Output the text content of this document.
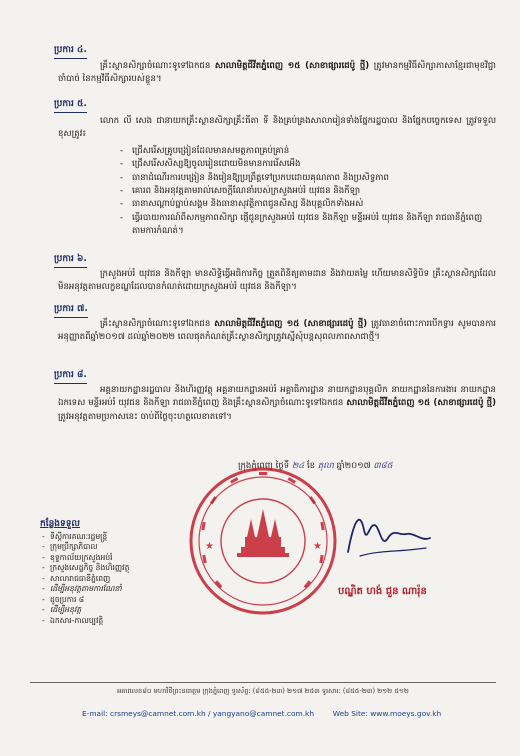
ប្រការ ៤.
គ្រឹះស្ថានសិក្សាចំណោះទូទៅឯកជន សាលាមិត្តជីវីតភ្នំពេញ ១៥ (សាខាផ្សារដេប៉ូ ថ្មី) ត្រូវមានកម្មវិធីសិក្សាភាសាខ្មែរជាមុខវិជ្ជាចាំបាច់ នៃកម្មវិធីសិក្សារបស់ខ្លួន។
ប្រការ ៥.
លោក លី សេង ជានាយកគ្រឹះស្ថានសិក្សាគ្រឹះធីតា ទី និងគ្រប់គ្រងសាលារៀនទាំងផ្នែករដ្ឋបាល និងផ្នែកបច្ចេកទេស ត្រូវទទួលខុសត្រូវ៖
- ជ្រើសរើសគ្រូបង្រៀនដែលមានសមត្ថភាពគ្រប់គ្រាន់
- ជ្រើសរើសសិស្សឱ្យចូលរៀនដោយមិនមានការរើសអើង
- ធានាដំណើរការបង្រៀន និងរៀនឱ្យប្រព្រឹត្តទៅប្រកបដោយគុណភាព និងប្រសិទ្ធភាព
- គោរព និងអនុវត្តតាមរាល់សេចក្តីណែនាំរបស់ក្រសួងអប់រំ យុវជន និងកីឡា
- ធានាសណ្តាប់ធ្នាប់សង្គម និងធានាសុវត្ថិភាពជូនសិស្ស និងបុគ្គលិកទាំងអស់
- ធ្វើរបាយការណ៍ពីសកម្មភាពសិក្សា ផ្ញើជូនក្រសួងអប់រំ យុវជន និងកីឡា មន្ទីរអប់រំ យុវជន និងកីឡា រាជធានីភ្នំពេញ តាមការកំណត់។
ប្រការ ៦.
ក្រសួងអប់រំ យុវជន និងកីឡា មានសិទ្ធិធ្វើអធិការកិច្ច ត្រួតពិនិត្យតាមដាន និងវាយតម្លៃ ហើយមានសិទ្ធិបិទ គ្រឹះស្ថានសិក្សាដែលមិនអនុវត្តតាមលក្ខខណ្ឌដែលបានកំណត់ដោយក្រសួងអប់រំ យុវជន និងកីឡា។
ប្រការ ៧.
គ្រឹះស្ថានសិក្សាចំណោះទូទៅឯកជន សាលាមិត្តជីវីតភ្នំពេញ ១៥ (សាខាផ្សារដេប៉ូ ថ្មី) ត្រូវធានាចំពោះការបើកទ្វារ សូមបានការអនុញ្ញាតពីឆ្នាំ២០១៧ ដល់ឆ្នាំ២០២២ ពេលផុតកំណត់គ្រឹះស្ថានសិក្សាត្រូវស្នើសុំបន្តសុពលភាពសាជាថ្មី។
ប្រការ ៨.
អគ្គនាយកដ្ឋានរដ្ឋបាល និងហិរញ្ញវត្ថុ អគ្គនាយកដ្ឋានអប់រំ អគ្គាធិការដ្ឋាន នាយកដ្ឋានបុគ្គលិក នាយកដ្ឋាននៃការងារ នាយកដ្ឋានឯកទេស មន្ទីរអប់រំ យុវជន និងកីឡា រាជធានីភ្នំពេញ និងគ្រឹះស្ថានសិក្សាចំណោះទូទៅឯកជន សាលាមិត្តជីវីតភ្នំពេញ ១៥ (សាខាផ្សារដេប៉ូ ថ្មី) ត្រូវអនុវត្តតាមប្រកាសនេះ ចាប់ពីថ្ងៃចុះហត្ថលេខាតទៅ។
ក្រុងភ្នំពេញ ថ្ងៃទី ២៤ ខែ តុលា ឆ្នាំ២០១៧ ៣៨៥
★	★
បណ្ឌិត ហង់ ជួន ណារ៉ុន
កន្លែងទទួល
- ទីស្តីការគណៈរដ្ឋមន្ត្រី
- ក្រុមប្រឹក្សាភិបាល
- ខុទ្ទកាល័យក្រសួងអប់រំ
- ក្រសួងសេដ្ឋកិច្ច និងហិរញ្ញវត្ថុ
- សាលារាជធានីភ្នំពេញ
- ដើម្បីអនុវត្តតាមការណែនាំ
- ដូចប្រការ ៨
- ដើម្បីអនុវត្ត
- ឯកសារ-កាលប្បវត្តិ
អគារលេខ៨០ មហាវិថីព្រះនរោត្តម ក្រុងភ្នំពេញ ទូរស័ព្ទ: (៨៥៥-២៣) ២១៧ ២៥៣ ទូរសារ: (៨៥៥-២៣) ២១២ ៥១២
E-mail: crsmeys@camnet.com.kh / yangyano@camnet.com.kh	Web Site: www.moeys.gov.kh
